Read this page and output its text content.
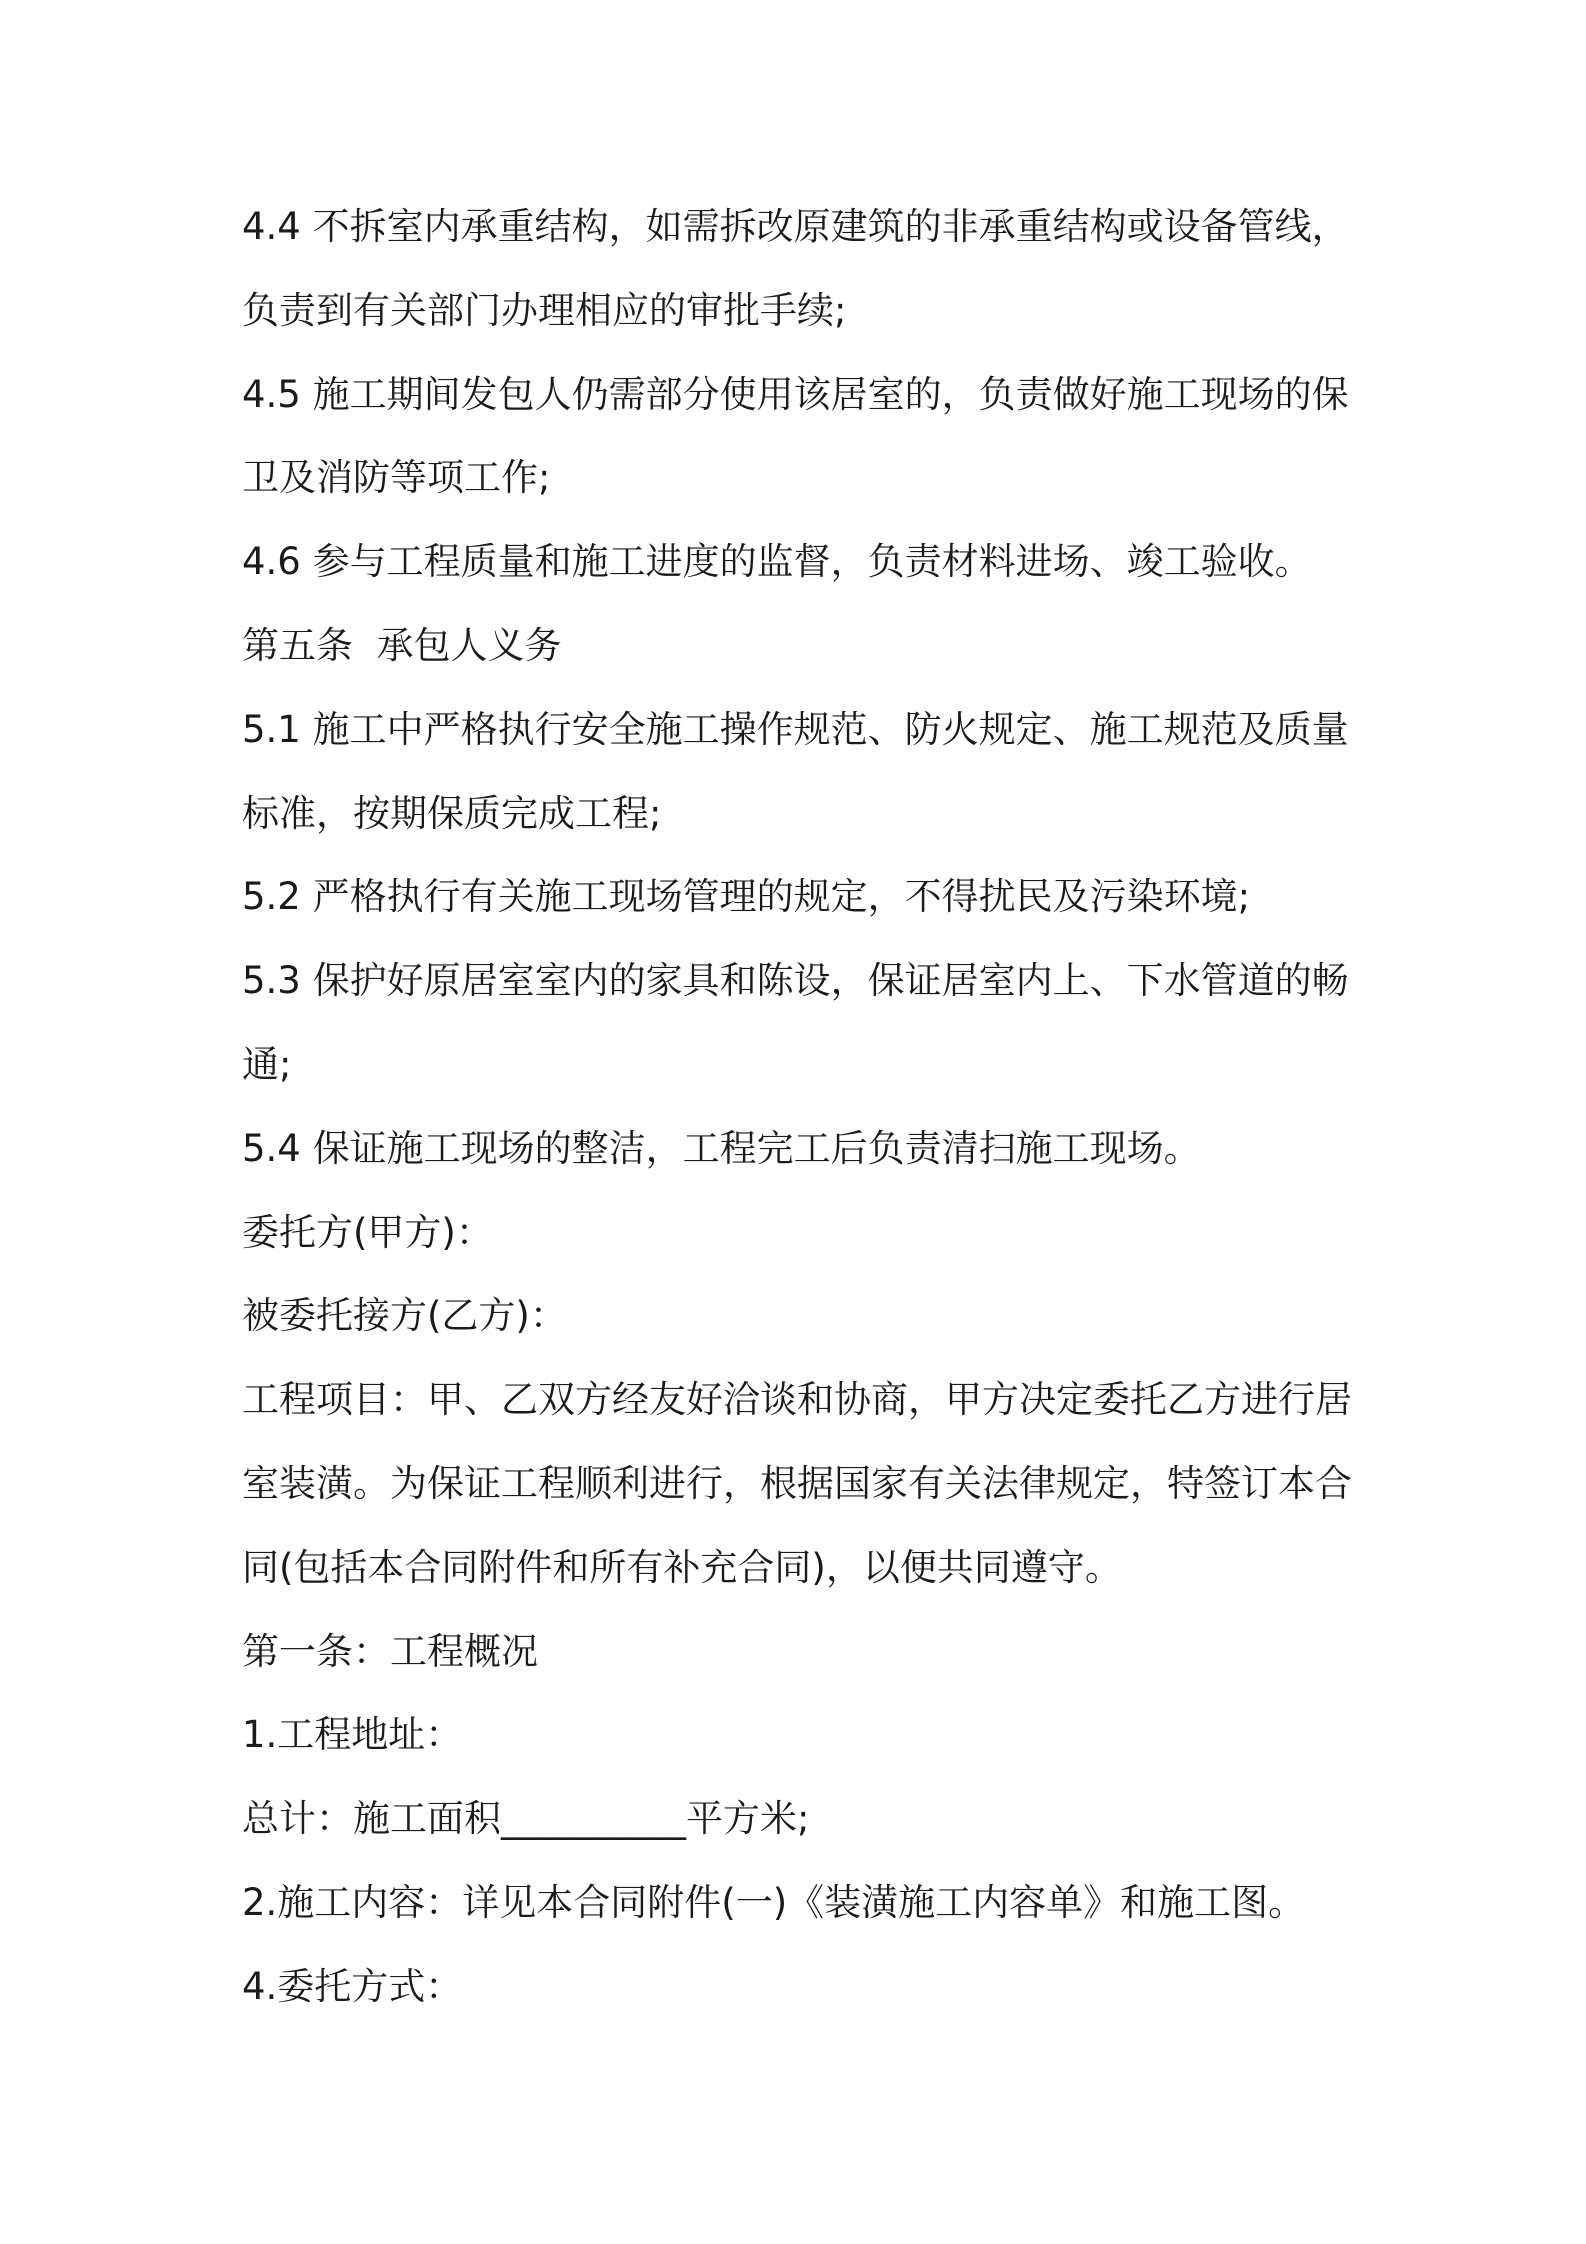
4.4 不拆室内承重结构，如需拆改原建筑的非承重结构或设备管线，
负责到有关部门办理相应的审批手续;
4.5 施工期间发包人仍需部分使用该居室的，负责做好施工现场的保
卫及消防等项工作;
4.6 参与工程质量和施工进度的监督，负责材料进场、竣工验收。
第五条  承包人义务
5.1 施工中严格执行安全施工操作规范、防火规定、施工规范及质量
标准，按期保质完成工程;
5.2 严格执行有关施工现场管理的规定，不得扰民及污染环境;
5.3 保护好原居室室内的家具和陈设，保证居室内上、下水管道的畅
通;
5.4 保证施工现场的整洁，工程完工后负责清扫施工现场。
委托方(甲方)：
被委托接方(乙方)：
工程项目：甲、乙双方经友好洽谈和协商，甲方决定委托乙方进行居
室装潢。为保证工程顺利进行，根据国家有关法律规定，特签订本合
同(包括本合同附件和所有补充合同)，以便共同遵守。
第一条：工程概况
1.工程地址：
总计：施工面积__________平方米;
2.施工内容：详见本合同附件(一)《装潢施工内容单》和施工图。
4.委托方式：
